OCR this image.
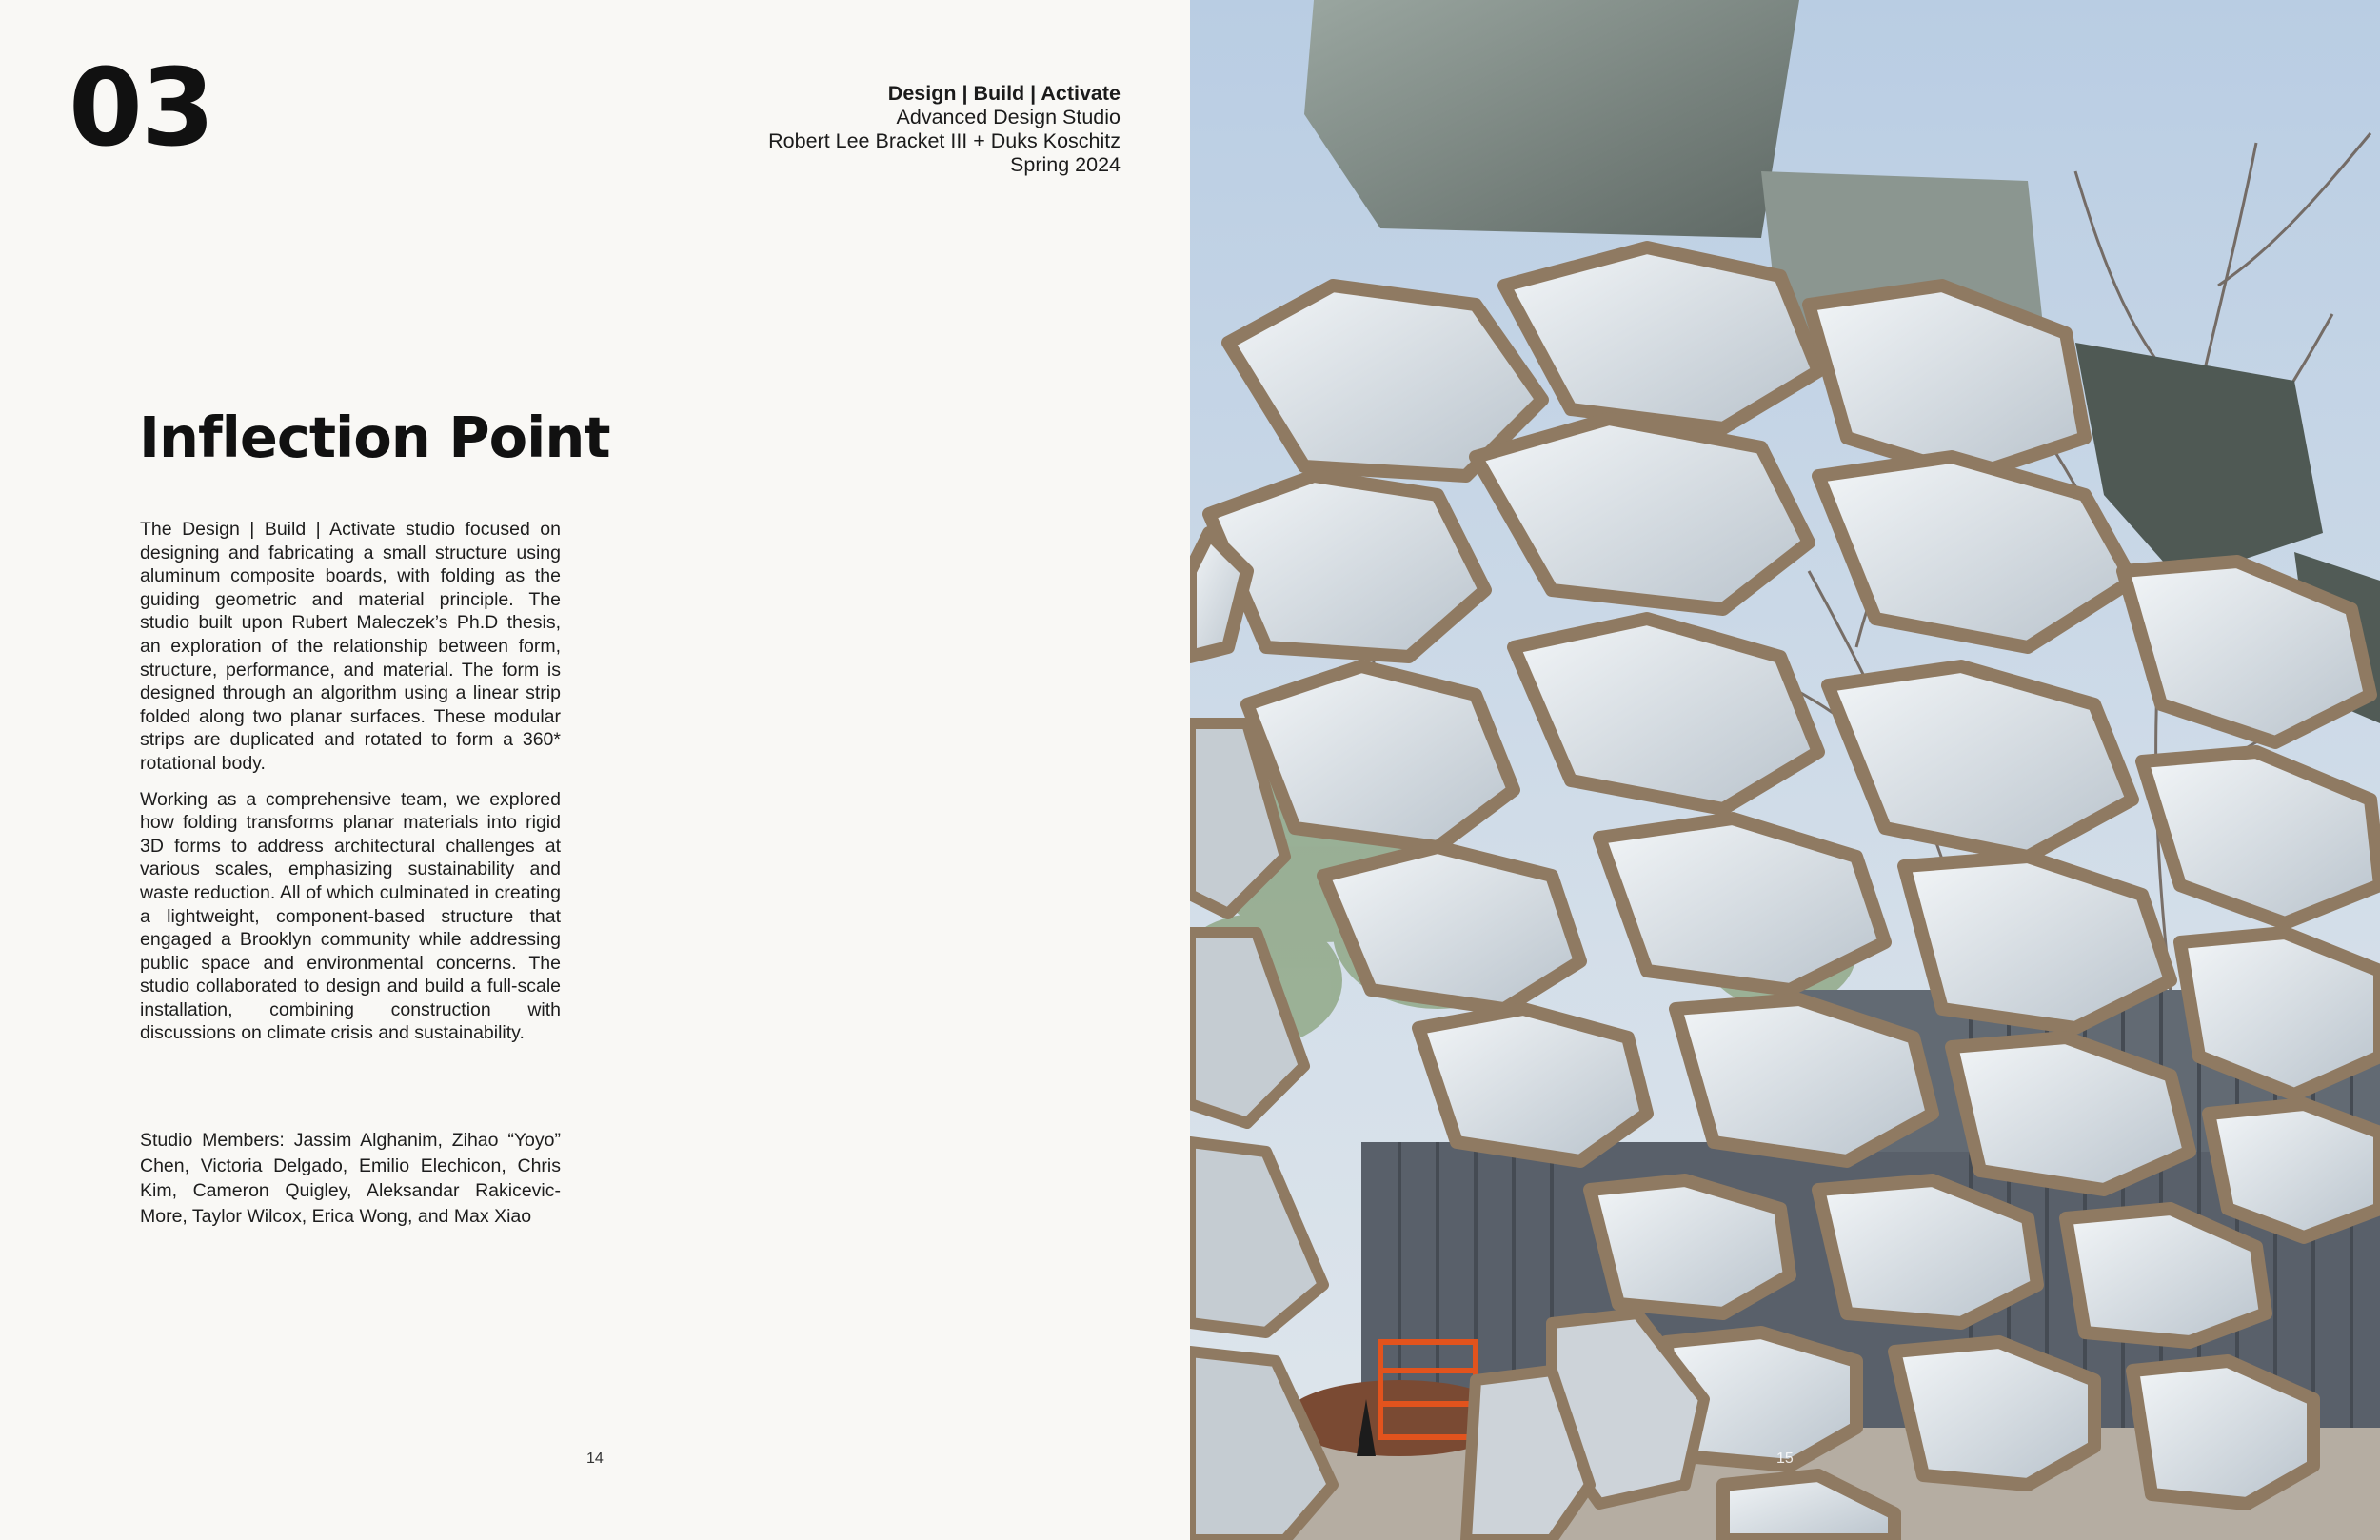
03	Design | Build | Activate
Advanced Design Studio
Robert Lee Bracket III + Duks Koschitz
Spring 2024
Inflection Point

The Design | Build | Activate studio focused on designing and fabricating a small structure using aluminum composite boards, with folding as the guiding geometric and material principle. The studio built upon Rubert Maleczek’s Ph.D thesis, an exploration of the relationship between form, structure, performance, and material. The form is designed through an algorithm using a linear strip folded along two planar surfaces. These modular strips are duplicated and rotated to form a 360* rotational body.

Working as a comprehensive team, we explored how folding transforms planar materials into rigid 3D forms to address architectural challenges at various scales, emphasizing sustainability and waste reduction. All of which culminated in creating a lightweight, component-based structure that engaged a Brooklyn community while addressing public space and environmental concerns. The studio collaborated to design and build a full-scale installation, combining construction with discussions on climate crisis and sustainability.

Studio Members: Jassim Alghanim, Zihao “Yoyo” Chen, Victoria Delgado, Emilio Elechicon, Chris Kim, Cameron Quigley, Aleksandar Rakicevic-More, Taylor Wilcox, Erica Wong, and Max Xiao

14	15
